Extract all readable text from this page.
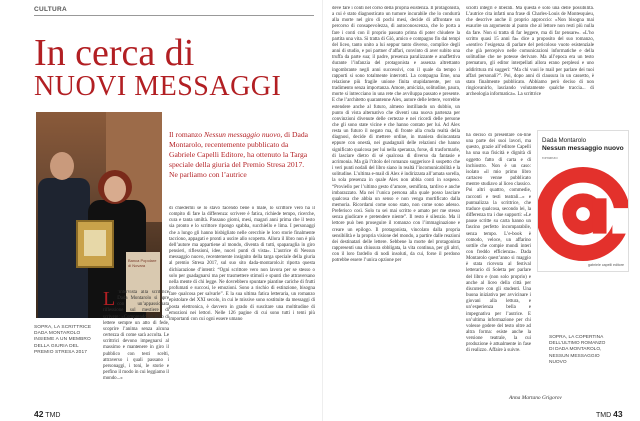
CULTURA
In cerca di
NUOVI MESSAGGI
Banca Popolare di Novara
SOPRA, LA SCRITTRICE DADA MONTAROLO INSIEME A UN MEMBRO DELLA GIURIA DEL PREMIO STRESA 2017
Il romanzo Nessun messaggio nuovo, di Dada Montarolo, recentemente pubblicato da Gabriele Capelli Editore, ha ottenuto la Targa speciale della giuria del Premio Stresa 2017. Ne parliamo con l’autrice
L ’intervista alla scrittrice Dada Montarolo si apre con un’appassionata riflessione sul mestiere di scrivere: «Comprendo un libro di lettere sempre un atto di fede, scoprire l’anima senza alcuna certezza di come sarà accolta. Le scrittrici devono impegnarsi al massimo e mantenere in giro il pubblico con testi scelti, attraverso i quali passano i personaggi, i toni, le storie e perfino il modo in cui leggiamo il mondo...»
di chiedermi se lo stavo facendo bene o male, lo scrittore vero ha il compito di fare la differenza: scrivere è fatica, richiede tempo, ricerche, cura e tanta umiltà. Passano giorni, mesi, magari anni prima che il testo sia pronto e lo scrittore ripongo sgabba, succhiello e lima. I personaggi che a lungo gli hanno bisbigliato nelle orecchie le loro storie finalmente tacciono, appagati e pronti a uscire allo scoperto. Allora il libro non è più dell’autore ma appartiene al mondo, diventa di tutti, spaparaglia in giro pensieri, riflessioni, idee, nuovi punti di vista». L’autrice di Nessun messaggio nuovo, recentemente insignito della targa speciale della giuria al premio Stresa 2017, sul suo sito dada-montarolo.it riporta questa dichiarazione d’intenti: “Ogni scrittore vero non lavora per se stesso o solo per guadagnarsi ma per trasmettere stimoli e spunti che attraversano nella mente di chi legge. Ne dovrebbero spuntare piantine cariche di frutti profumati e succosi, le emozioni. Sono a rischio di estinzione, bisogna fare qualcosa per salvarle”. E la sua ultima fatica letteraria, un romanzo epistolare del XXI secolo, in cui le missive sono sostituite da messaggi di posta elettronica, è davvero in grado di suscitare una moltitudine di emozioni nei lettori. Nelle 126 pagine di cui sono tutti i temi più importanti con cui ogni essere umano
deve fare i conti nel corso della propria esistenza. Il protagonista, a cui è stato diagnosticato un tumore incurabile che lo condurrà alla morte nel giro di pochi mesi, decide di affrontare un percorso di consapevolezza, di autoconoscenza, che lo porta a fare i conti con il proprio passato prima di poter chiudere la partita una vita. Si tratta di Gió, amico e compagno fin dai tempi del liceo, tanto unito a lui seppur tanto diverso, complice degli anni di studio, e poi partner d’affari, convinto di aver subito una truffa da parte sua; il padre, presenza paralizzante e anaffettiva durante l’infanzia del protagonista e assenza altrettanto ingombrante negli anni successivi, con il quale da tempo i rapporti si sono totalmente interrotti. La compagna Eme, una relazione più fragile unione finita stupidamente, per un tradimento senza importanza. Amore, amicizia, solitudine, paura, morte si intrecciano in una rete che avviluppa passato e presente. E che l’architetto quarantenne Alex, autore delle lettere, vorrebbe estendere anche al futuro, almeno instillando un dubbio, un punto di vista alternativo che diventi una nuova partenza per convinzioni divenute delle certezze e nei ricordi delle persone che gli sono state vicine e che hanno contato per lui. Ad Alex resta un futuro il negato ma, di fronte alla cruda realtà della diagnosi, decide di mettere ordine, in maniera disincantata eppure con onestà, nei guadagnali delle relazioni che hanno significato qualcosa per lui nella speranza, forse, di trasformarle, di lasciare dietro di sé qualcosa di diverso da fantasie e acrimonia. Ma già l’titolo del romanzo suggerisce il sospetto che i veri punti nodali del libro siano in realtà l’incomunicabilità e la solitudine. L’ultima e-mail di Alex è indirizzata all’amata sorella, la sola presenza in quale Alex non abbia conti in sospeso. “Proviello per l’ultimo gesto d’amore, semifinta, tardivo e anche imbarazzato. Ma nei l’unica persona alla quale posso lasciare qualcosa che abbia un senso e non venga mortificato dalla memoria. Ricordami come sono stato, non come sono adesso. Preferisco così. Solo tu sei mai scritto e amato per me stesso senza giudicare e pretendere niente”. Il resto è silenzio. Ma il lettore può ben proseguire il romanzo con l’immaginazione e creare un epilogo. Il protagonista, vincolato dalla propria sensibilità e la propria visione del mondo, a partire dalle reazioni dei destinatari delle lettere. Sebbene la morte del protagonista rappresenti una chiusura obbligata, la vita continua, per gli altri, con il loro fardello di nodi insoluti, da cui, forse il perdono potrebbe essere l’unica opzione per
sciolti integri e liberati. Ma questa è solo una delle possibilità. L’autrice cita infatti una frase di Charles-Louis de Montesquieu, che descrive anche il proprio approccio: «Non bisogna mai esaurire un argomento al punto che al lettore non resti più nulla da fare. Non si tratta di far leggere, ma di far pensare». «L’ho scritto quasi 15 anni fa» dice a proposito del suo romanzo, «sentivo l’esigenza di parlare del pericoloso vuoto esistenziale che già percepivo nelle comunicazioni informatiche e della solitudine che ne potesse derivare. Ma all’epoca era un testo prematuro, gli editor interpellati allora erano perplessi e uno addirittura mi suggerì: “Ma chi vuoi le mail per parlare dei tuoi affari personali?”. Poi, dopo anni di clausura in un cassetto, è stato finalmente pubblicato. Abbiamo però deciso di non ringiovanirlo, lasciando volutamente qualche traccia... di archeologia informatica». La scrittrice
ha deciso di presentare on-line una parte dei suoi lavori, ma questo, grazie all’editore Capelli ha una sua fisicità e dignità di oggetto fatto di carta e di inchiostro. Non è un caso: isolato «il mio primo libro cartaceo venne pubblicato mentre studiavo al liceo classico. Poi altri quattro, commedie, racconti e testi teatrali...» e puntualizza la scrittrice, che traduce qualcosa, secondo lei, la differenza tra i due supporti: «Le pause scritte su carta hanno un fascino perfetto incomparabile, senza tempo. L’e-book è comodo, veloce, un affarino sottile che compie mondi interi con freddo efficienza». Dada Montarolo quest’anno si maggio è stata ricevuta al festival letterario di Soletta per parlare del libro e (non solo proprio) e anche al liceo della città per discutere con gli studenti. Una buona iniziativa per avvicinare i giovani alla lettura, e un’esperienza bella e impegnativa per l’autrice. E un’ultima informazione per chi volesse godere del testo oltre ad altra forma: esiste anche la versione teatrale, la cui produzione è attualmente in fase di realizzo. Affaire à suivre.
Anna Martano Grigorov
Dada Montarolo
Nessun messaggio nuovo
romanzo
gabriele capelli editore
SOPRA, LA COPERTINA DELL’ULTIMO ROMANZO DI DADA MONTAROLO, NESSUN MESSAGGIO NUOVO
42 TMD	TMD 43
